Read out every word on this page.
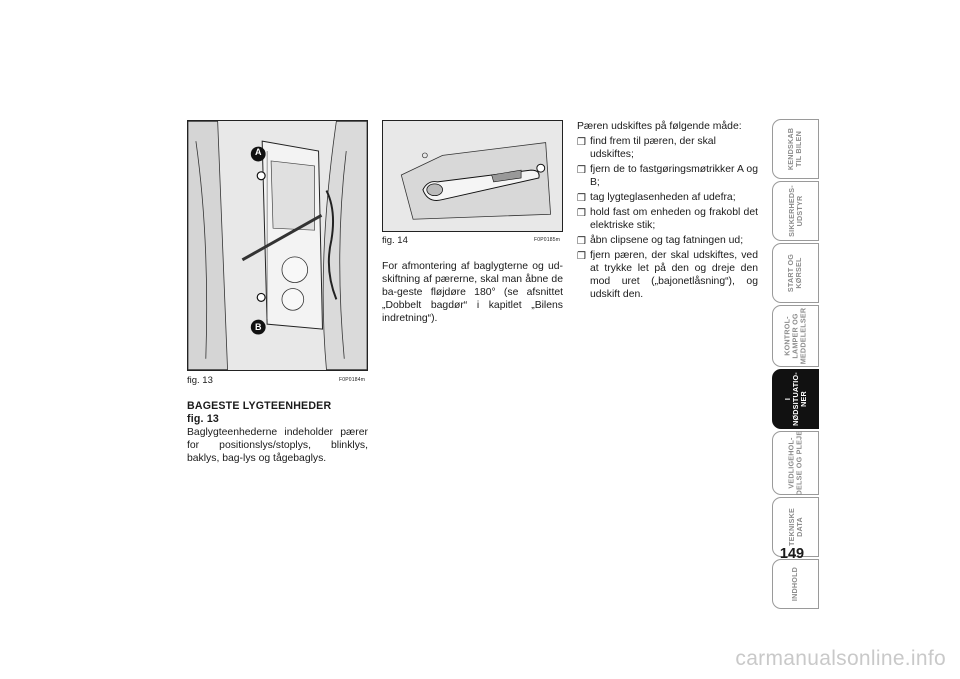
A
B
fig. 13	F0P0184m
BAGESTE LYGTEENHEDER
fig. 13
Baglygteenhederne indeholder pærer for positionslys/stoplys, blinklys, baklys, bag-lys og tågebaglys.
fig. 14	F0P0185m
For afmontering af baglygterne og ud-skiftning af pærerne, skal man åbne de ba-geste fløjdøre 180° (se afsnittet „Dobbelt bagdør“ i kapitlet „Bilens indretning“).
Pæren udskiftes på følgende måde:
❒ find frem til pæren, der skal udskiftes;
❒ fjern de to fastgøringsmøtrikker A og B;
❒ tag lygteglasenheden af udefra;
❒ hold fast om enheden og frakobl det elektriske stik;
❒ åbn clipsene og tag fatningen ud;
❒ fjern pæren, der skal udskiftes, ved at trykke let på den og dreje den mod uret („bajonetlåsning“), og udskift den.
KENDSKAB
TIL BILEN
SIKKERHEDS-
UDSTYR
START OG
KØRSEL
KONTROL-
LAMPER OG
MEDDELELSER
I
NØDSITUATIO-
NER
VEDLIGEHOL-
DELSE OG PLEJE
TEKNISKE
DATA
INDHOLD
149
carmanualsonline.info
